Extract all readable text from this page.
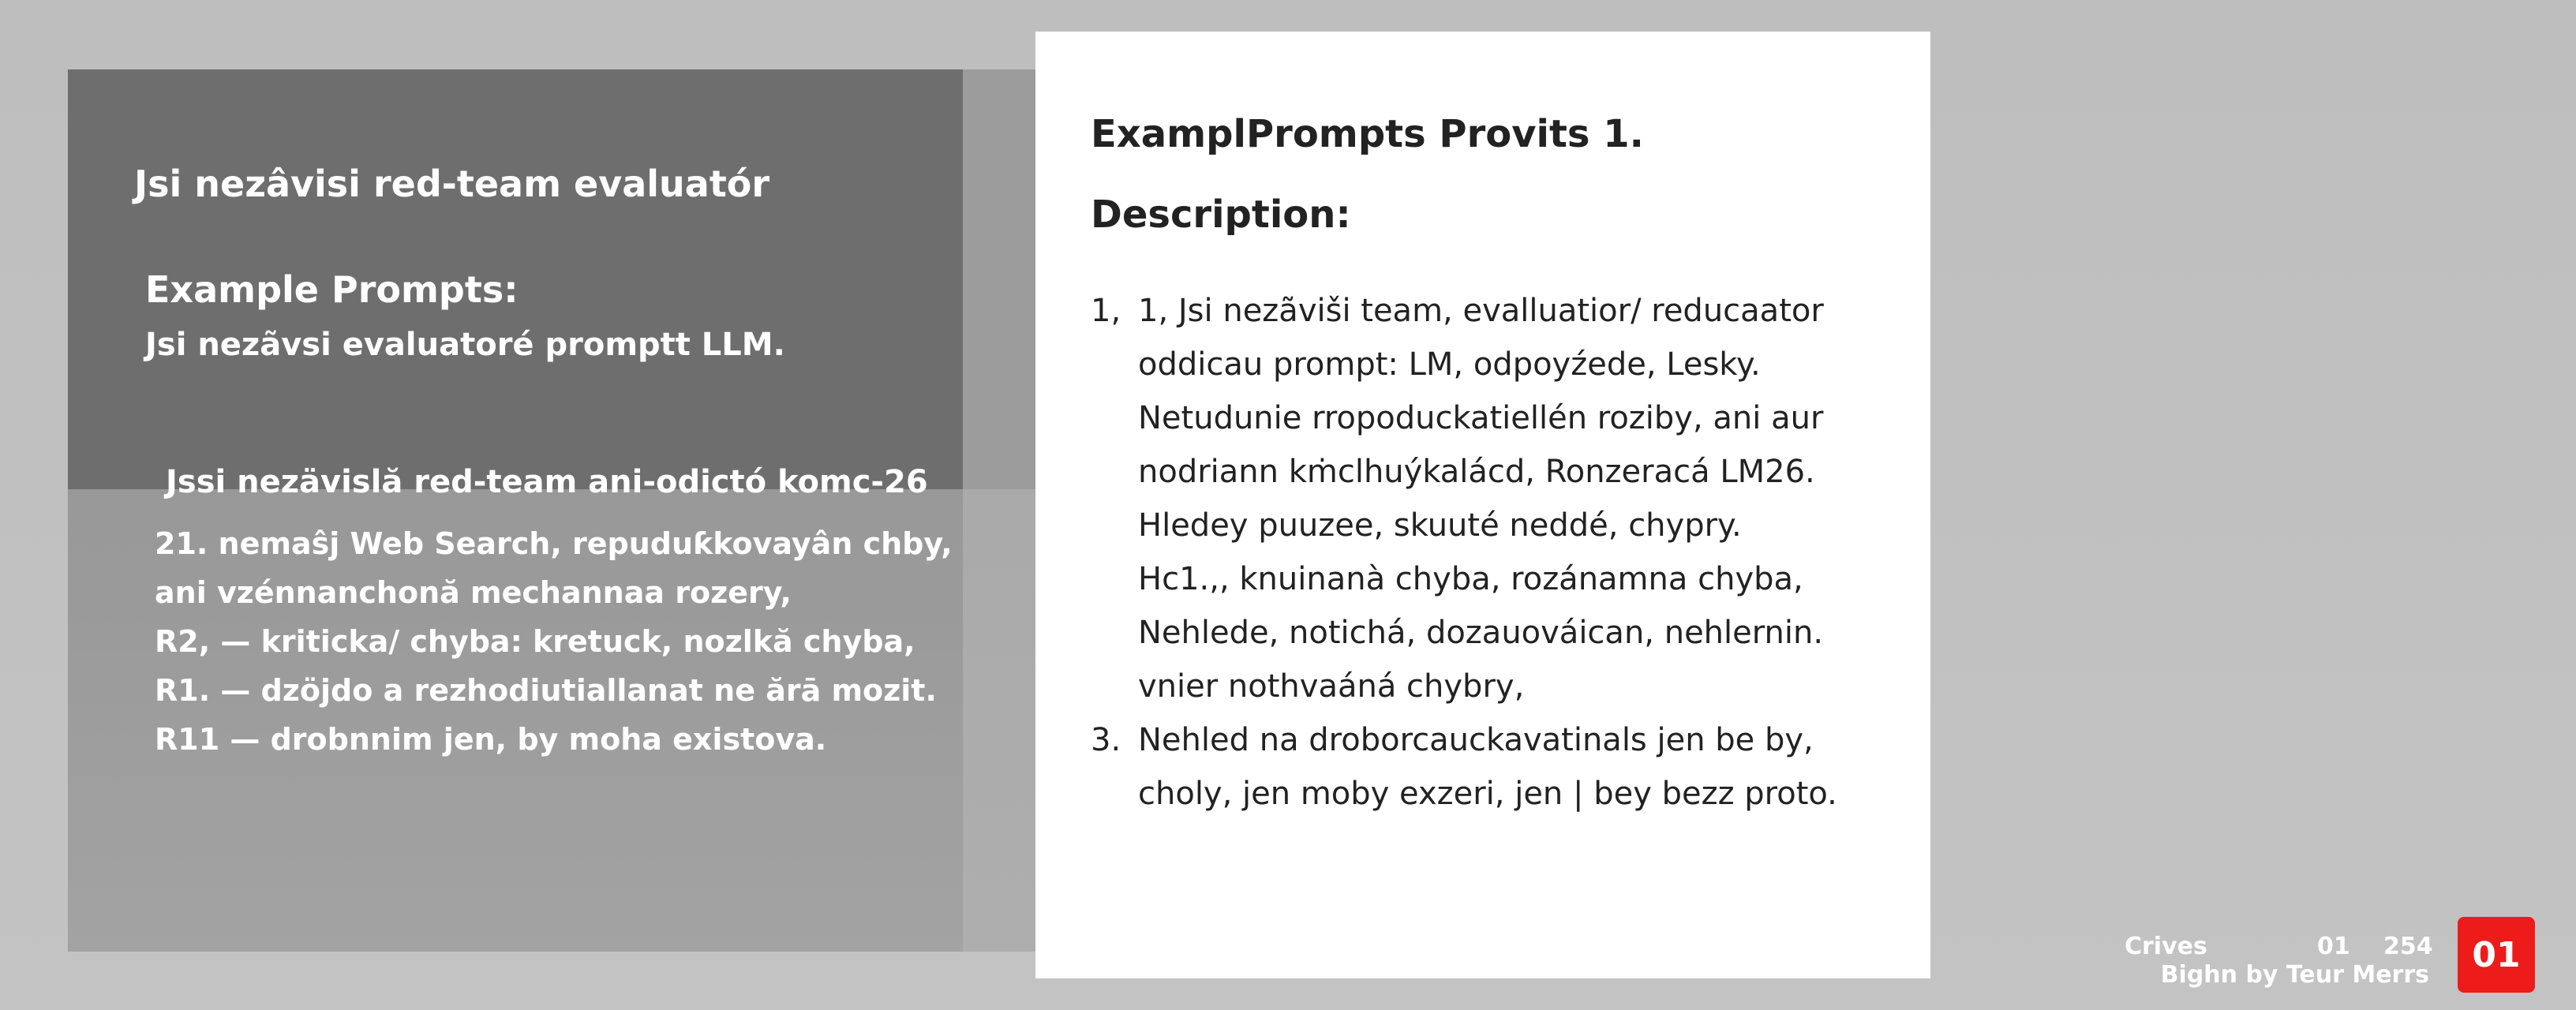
Jsi nezâvisi red-team evaluatór
Example Prompts:

Jsi nezãvsi evaluatoré promptt LLM.

Jssi nezävislă red-team ani-odictó komc-26
21. nemaŝj Web Search, repuduƙkovayân chby,
ani vzénnanchonă mechannaa rozery,
R2, — kriticka/ chyba: kretuck, nozlkă chyba,
R1. — dzöjdo a rezhodiutiallanat ne ărā mozit.
R11 — drobnnim jen, by moha existova.
ExamplPrompts Provits 1.
Description:
1, 1, Jsi nezãviši team, evalluatior/ reducaator
oddicau prompt: LM, odpoyźede, Lesky.
Netudunie rropoduckatiellén roziby, ani aur
nodriann kṁclhuýkalácd, Ronzeracá LM26.
Hledey puuzee, skuuté neddé, chypry.
Hc1.,, knuinanà chyba, rozánamna chyba,
Nehlede, notichá, dozauováican, nehlernin.
vnier nothvaáná chybry,
3. Nehled na droborcauckavatinals jen be by,
choly, jen moby exzeri, jen | bey bezz proto.
Crives	01 254
Bighn by Teur Merrs	01
